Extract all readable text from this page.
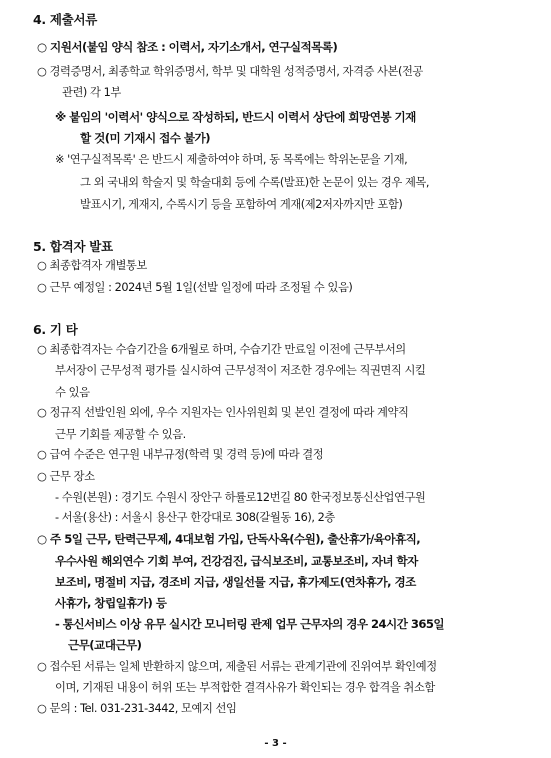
4. 제출서류
○ 지원서(붙임 양식 참조 : 이력서, 자기소개서, 연구실적목록)
○ 경력증명서, 최종학교 학위증명서, 학부 및 대학원 성적증명서, 자격증 사본(전공
관련) 각 1부
※ 붙임의 '이력서' 양식으로 작성하되, 반드시 이력서 상단에 희망연봉 기재
할 것(미 기재시 접수 불가)
※ '연구실적목록' 은 반드시 제출하여야 하며, 동 목록에는 학위논문을 기재,
그 외 국내외 학술지 및 학술대회 등에 수록(발표)한 논문이 있는 경우 제목,
발표시기, 게재지, 수록시기 등을 포함하여 게재(제2저자까지만 포함)
5. 합격자 발표
○ 최종합격자 개별통보
○ 근무 예정일 : 2024년 5월 1일(선발 일정에 따라 조정될 수 있음)
6. 기 타
○ 최종합격자는 수습기간을 6개월로 하며, 수습기간 만료일 이전에 근무부서의
부서장이 근무성적 평가를 실시하여 근무성적이 저조한 경우에는 직권면직 시킬
수 있음
○ 정규직 선발인원 외에, 우수 지원자는 인사위원회 및 본인 결정에 따라 계약직
근무 기회를 제공할 수 있음.
○ 급여 수준은 연구원 내부규정(학력 및 경력 등)에 따라 결정
○ 근무 장소
- 수원(본원) : 경기도 수원시 장안구 하률로12번길 80 한국정보통신산업연구원
- 서울(용산) : 서울시 용산구 한강대로 308(갈월동 16), 2층
○ 주 5일 근무, 탄력근무제, 4대보험 가입, 단독사옥(수원), 출산휴가/육아휴직,
우수사원 해외연수 기회 부여, 건강검진, 급식보조비, 교통보조비, 자녀 학자
보조비, 명절비 지급, 경조비 지급, 생일선물 지급, 휴가제도(연차휴가, 경조
사휴가, 창립일휴가) 등
- 통신서비스 이상 유무 실시간 모니터링 관제 업무 근무자의 경우 24시간 365일
근무(교대근무)
○ 접수된 서류는 일체 반환하지 않으며, 제출된 서류는 관계기관에 진위여부 확인예정
이며, 기재된 내용이 허위 또는 부적합한 결격사유가 확인되는 경우 합격을 취소함
○ 문의 : Tel. 031-231-3442, 모예지 선임
- 3 -
